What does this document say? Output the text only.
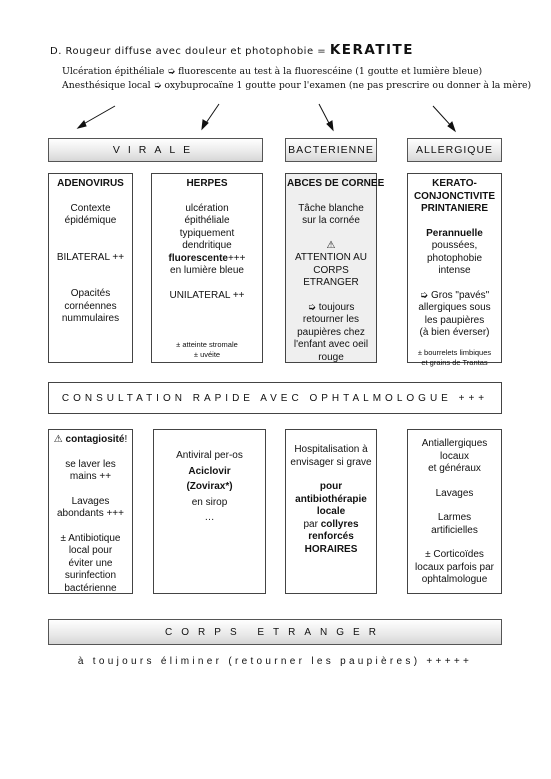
D. Rougeur diffuse avec douleur et photophobie = KERATITE
Ulcération épithéliale ➭ fluorescente au test à la fluorescéine (1 goutte et lumière bleue)
Anesthésique local ➭ oxybuprocaïne 1 goutte pour l'examen (ne pas prescrire ou donner à la mère)
VIRALE	BACTERIENNE	ALLERGIQUE
ADENOVIRUS
Contexte
épidémique
BILATERAL ++
Opacités
cornéennes
nummulaires
HERPES
ulcération
épithéliale
typiquement
dendritique
fluorescente+++
en lumière bleue
UNILATERAL ++
± atteinte stromale
± uvéite
ABCES DE CORNEE
Tâche blanche
sur la cornée
⚠
ATTENTION AU
CORPS ETRANGER
➭ toujours
retourner les
paupières chez
l'enfant avec oeil
rouge
KERATO-
CONJONCTIVITE
PRINTANIERE
Perannuelle
poussées,
photophobie
intense
➭ Gros "pavés"
allergiques sous
les paupières
(à bien éverser)
± bourrelets limbiques
et grains de Trantas
CONSULTATION RAPIDE AVEC OPHTALMOLOGUE +++
⚠ contagiosité!
se laver les
mains ++
Lavages
abondants +++
± Antibiotique
local pour
éviter une
surinfection
bactérienne
Antiviral per-os
Aciclovir
(Zovirax*)
en sirop
…
Hospitalisation à
envisager si grave
pour
antibiothérapie
locale
par collyres
renforcés
HORAIRES
Antiallergiques
locaux
et généraux
Lavages
Larmes
artificielles
± Corticoïdes
locaux parfois par
ophtalmologue
CORPS ETRANGER
à toujours éliminer (retourner les paupières) +++++
